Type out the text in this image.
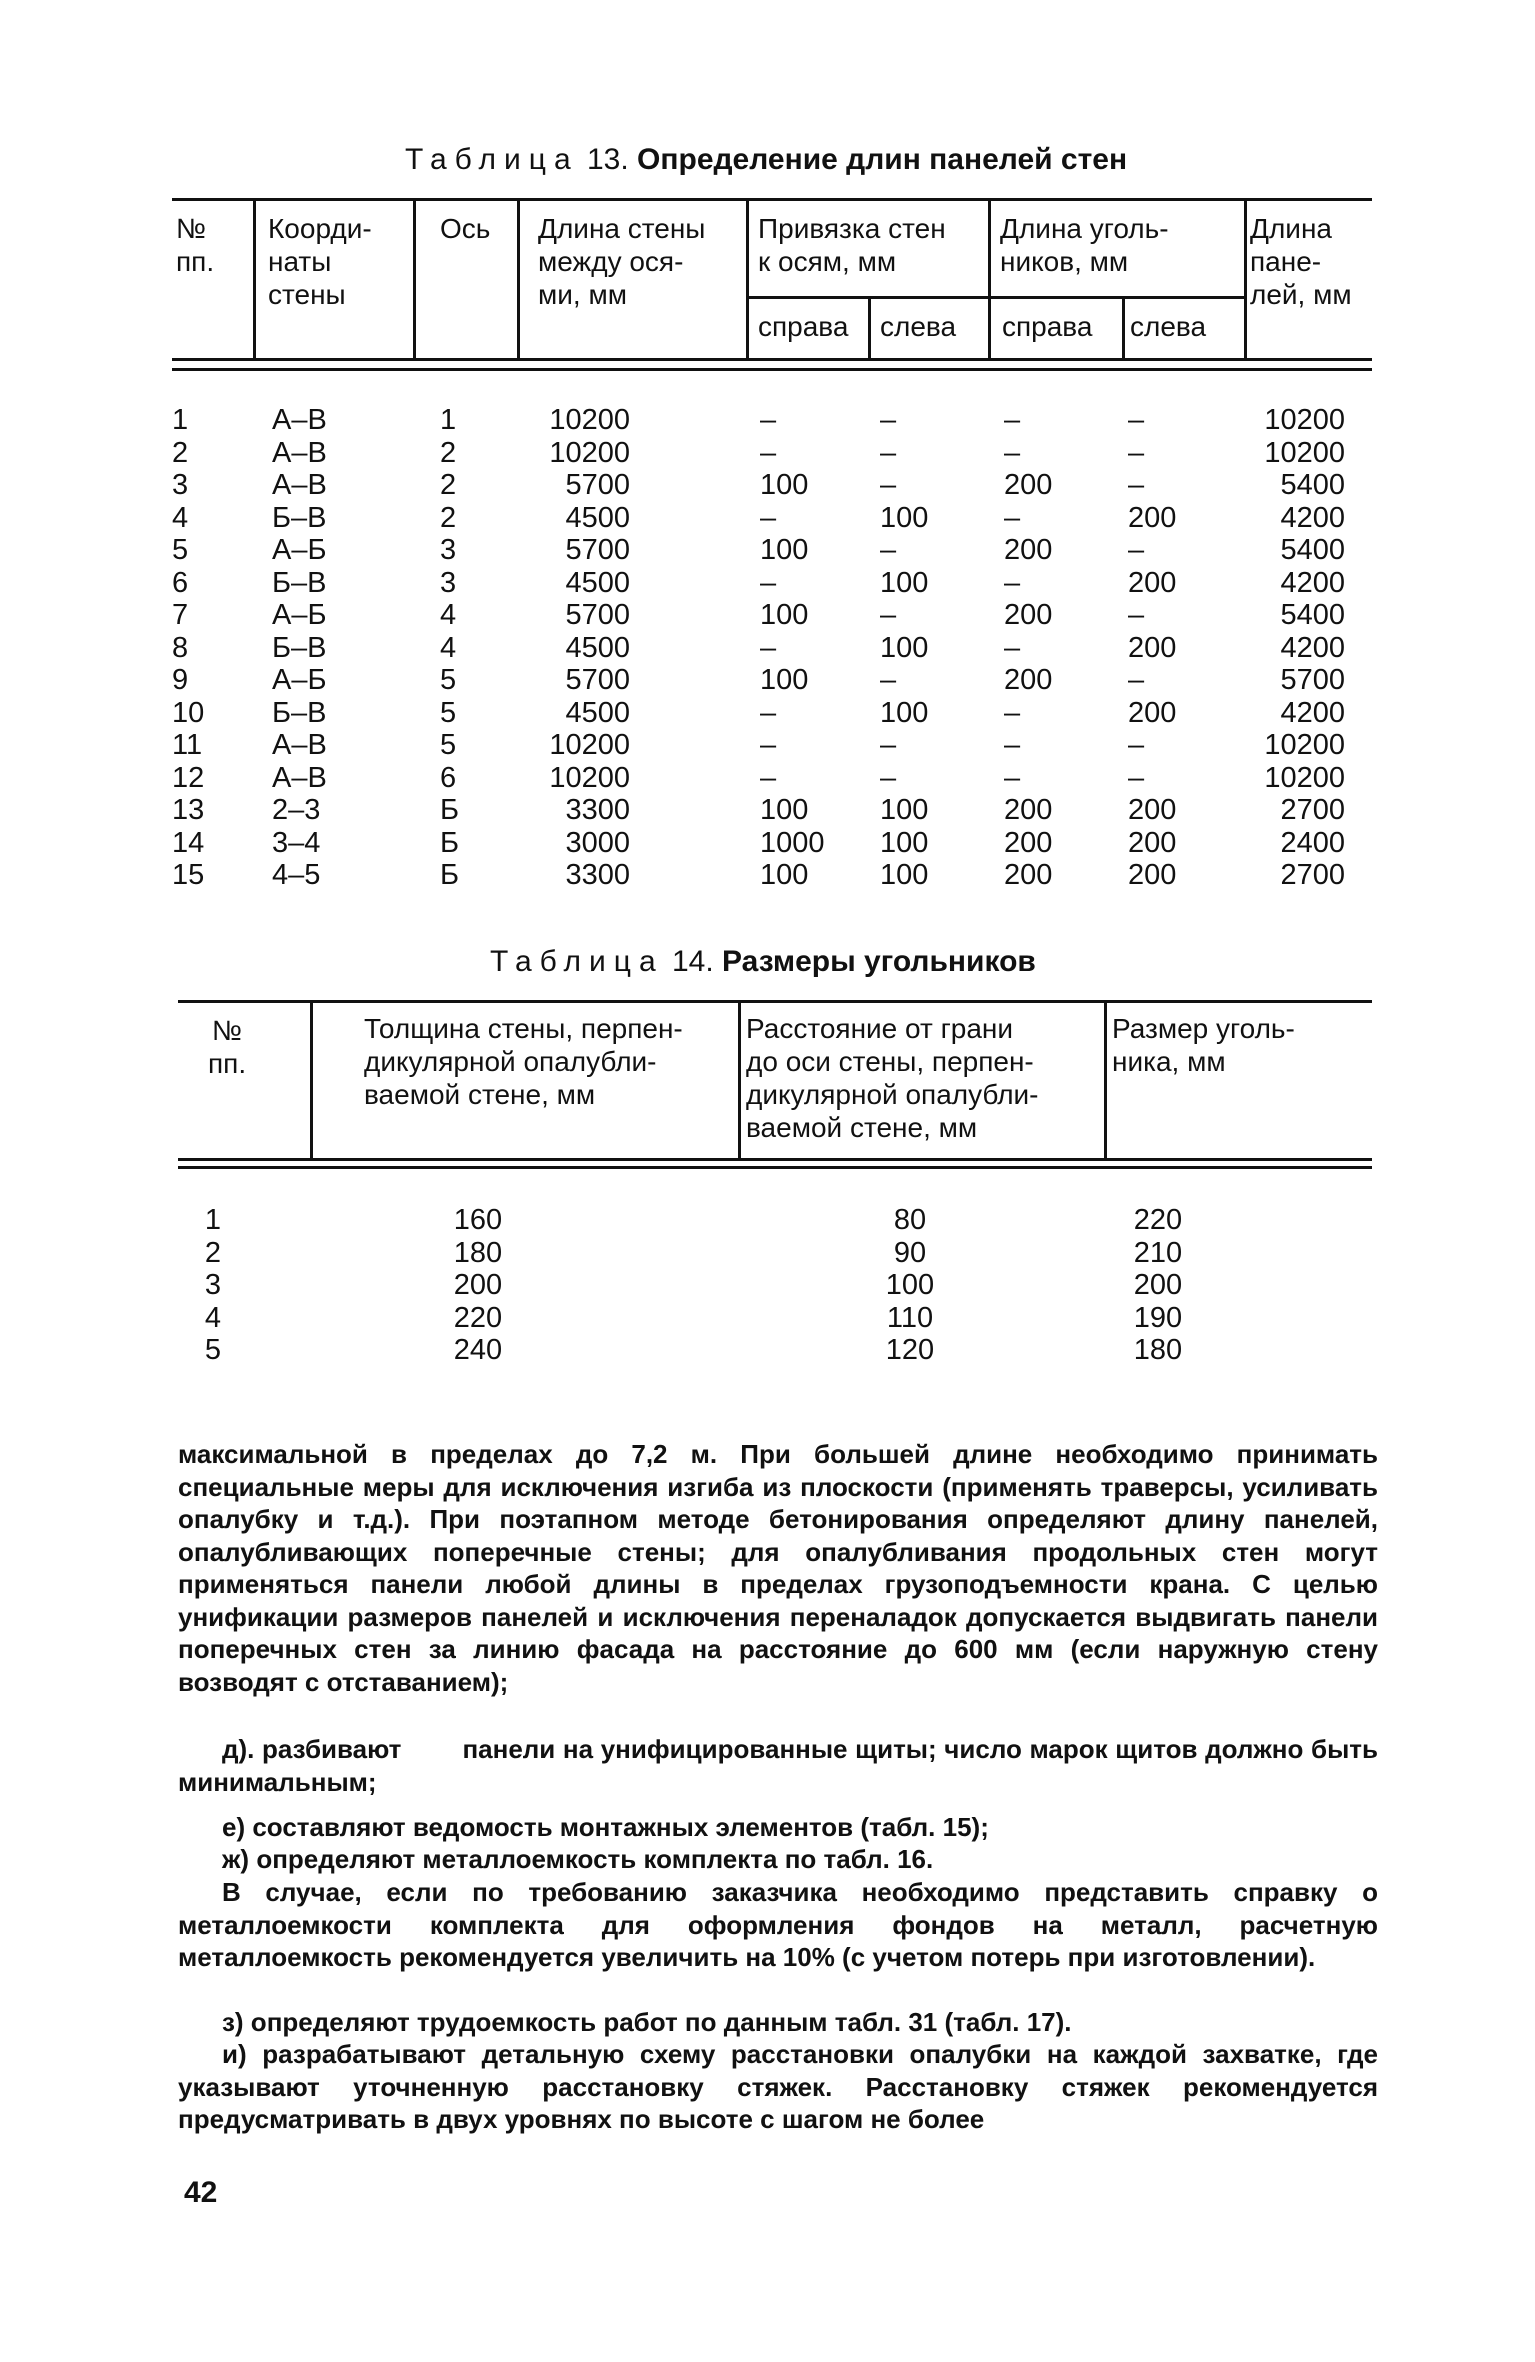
Таблица 13. Определение длин панелей стен
№
пп.
Коорди-
наты
стены
Ось Длина стены
между ося-
ми, мм
Привязка стен
к осям, мм
Длина уголь-
ников, мм
Длина
пане-
лей, мм
справа слева справа слева
1	А–В	1	10200	–	–	–	–	10200
2	А–В	2	10200	–	–	–	–	10200
3	А–В	2	5700	100	–	200	–	5400
4	Б–В	2	4500	–	100	–	200	4200
5	А–Б	3	5700	100	–	200	–	5400
6	Б–В	3	4500	–	100	–	200	4200
7	А–Б	4	5700	100	–	200	–	5400
8	Б–В	4	4500	–	100	–	200	4200
9	А–Б	5	5700	100	–	200	–	5700
10 Б–В	5	4500	–	100	–	200	4200
11	А–В	5	10200	–	–	–	–	10200
12 А–В	6	10200	–	–	–	–	10200
13 2–3	Б	3300	100	100	200	200	2700
14 3–4	Б	3000	1000	100	200	200	2400
15 4–5	Б	3300	100	100	200	200	2700
Таблица 14. Размеры угольников
№
пп.
Толщина стены, перпен-
дикулярной опалубли-
ваемой стене, мм
Расстояние от грани
до оси стены, перпен-
дикулярной опалубли-
ваемой стене, мм
Размер уголь-
ника, мм
1	160	80	220
2	180	90	210
3	200	100	200
4	220	110	190
5	240	120	180
максимальной в пределах до 7,2 м. При большей длине необходимо принимать специальные меры для исключения изгиба из плоскости (применять траверсы, усиливать опалубку и т.д.). При поэтапном методе бетонирования определяют длину панелей, опалубливающих поперечные стены; для опалубливания продольных стен могут применяться панели любой длины в пределах грузоподъемности крана. С целью унификации размеров панелей и исключения переналадок допускается выдвигать панели поперечных стен за линию фасада на расстояние до 600 мм (если наружную стену возводят с отставанием);
д). разбивают        панели на унифицированные щиты; число марок щитов должно быть минимальным;
е) составляют ведомость монтажных элементов (табл. 15);
ж) определяют металлоемкость комплекта по табл. 16.
В случае, если по требованию заказчика необходимо представить справку о металлоемкости комплекта для оформления фондов на металл, расчетную металлоемкость рекомендуется увеличить на 10% (с учетом потерь при изготовлении).
з) определяют трудоемкость работ по данным табл. 31 (табл. 17).
и) разрабатывают детальную схему расстановки опалубки на каждой захватке, где указывают уточненную расстановку стяжек. Расстановку стяжек рекомендуется предусматривать в двух уровнях по высоте с шагом не более
42
